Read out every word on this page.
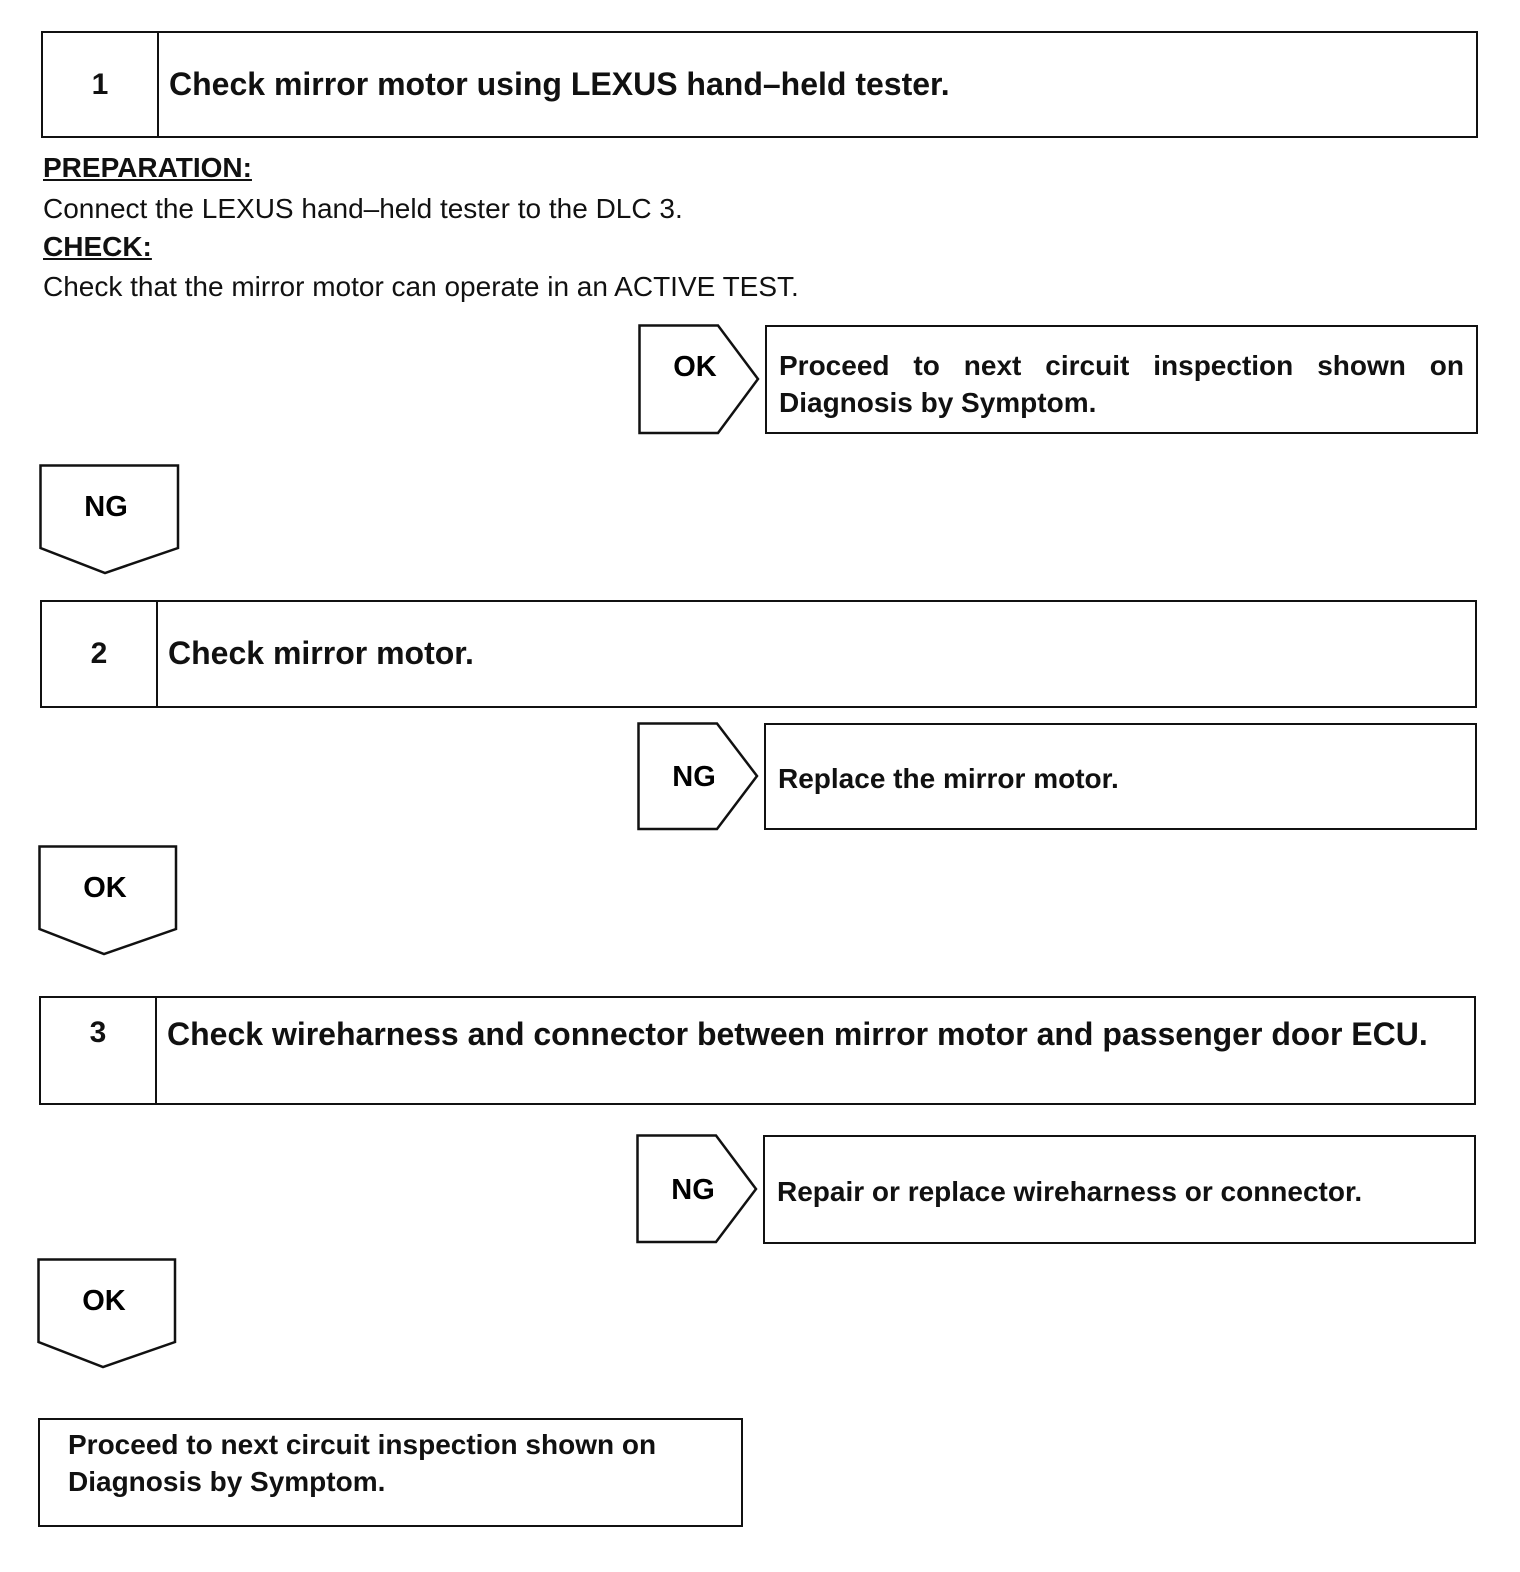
1	Check mirror motor using LEXUS hand–held tester.
PREPARATION:
Connect the LEXUS hand–held tester to the DLC 3.
CHECK:
Check that the mirror motor can operate in an ACTIVE TEST.
OK	Proceed to next circuit inspection shown on Diagnosis by Symptom.
NG
2	Check mirror motor.
NG	Replace the mirror motor.
OK
3	Check wireharness and connector between mirror motor and passenger door ECU.
NG	Repair or replace wireharness or connector.
OK
Proceed to next circuit inspection shown on Diagnosis by Symptom.
